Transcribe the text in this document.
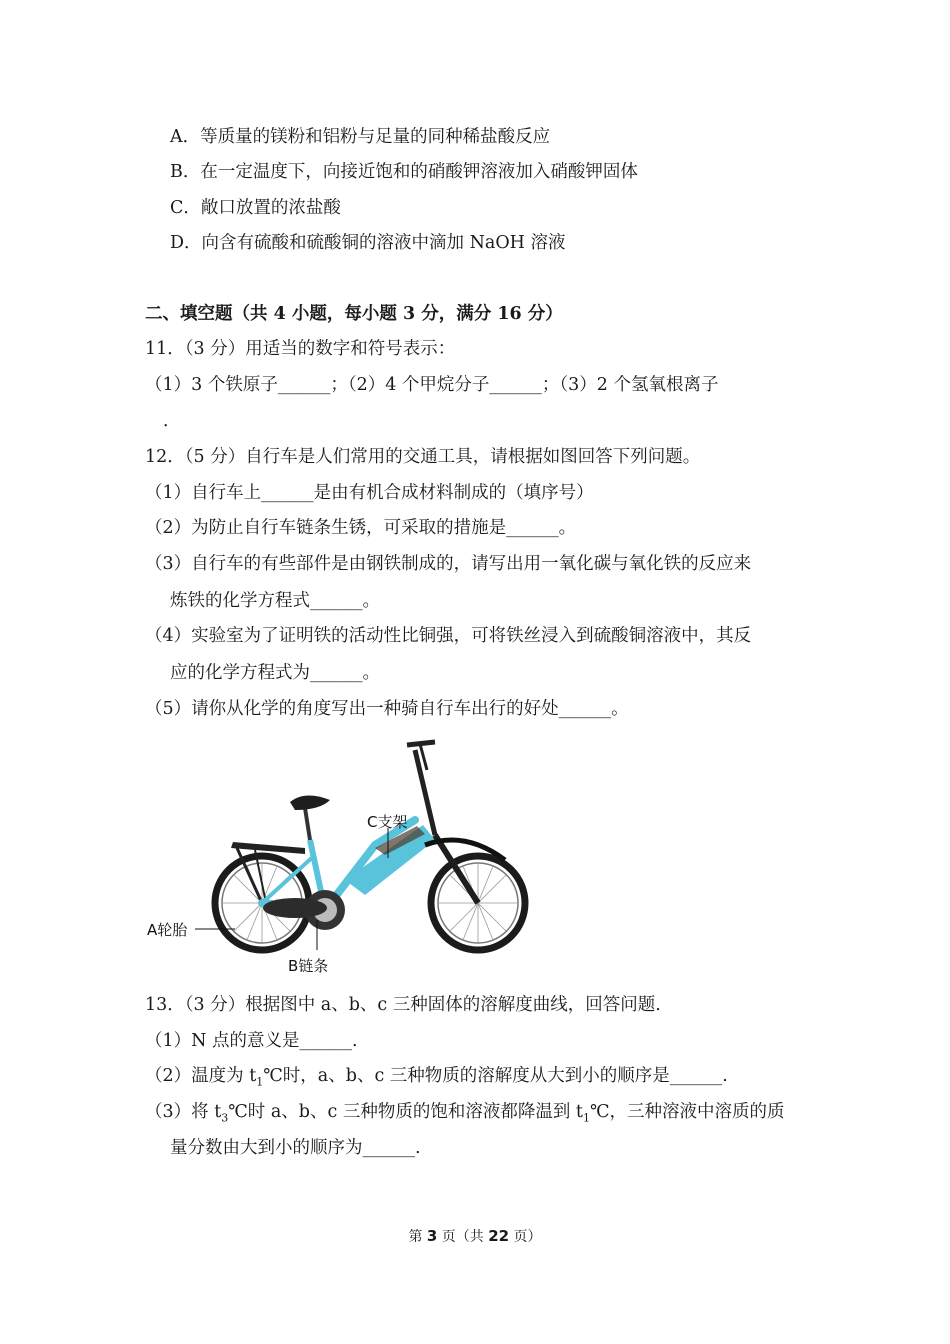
A．等质量的镁粉和铝粉与足量的同种稀盐酸反应
B．在一定温度下，向接近饱和的硝酸钾溶液加入硝酸钾固体
C．敞口放置的浓盐酸
D．向含有硫酸和硫酸铜的溶液中滴加 NaOH 溶液
二、填空题（共 4 小题，每小题 3 分，满分 16 分）
11．（3 分）用适当的数字和符号表示：
（1）3 个铁原子______；（2）4 个甲烷分子______；（3）2 个氢氧根离子
．
12．（5 分）自行车是人们常用的交通工具，请根据如图回答下列问题。
（1）自行车上______是由有机合成材料制成的（填序号）
（2）为防止自行车链条生锈，可采取的措施是______。
（3）自行车的有些部件是由钢铁制成的，请写出用一氧化碳与氧化铁的反应来
炼铁的化学方程式______。
（4）实验室为了证明铁的活动性比铜强，可将铁丝浸入到硫酸铜溶液中，其反
应的化学方程式为______。
（5）请你从化学的角度写出一种骑自行车出行的好处______。
A轮胎
B链条
C支架
13．（3 分）根据图中 a、b、c 三种固体的溶解度曲线，回答问题.
（1）N 点的意义是______.
（2）温度为 $t_1℃$时，a、b、c 三种物质的溶解度从大到小的顺序是______.
（3）将 $t_3℃$时 a、b、c 三种物质的饱和溶液都降温到 $t_1℃$，三种溶液中溶质的质
量分数由大到小的顺序为______.
第 3 页（共 22 页）
